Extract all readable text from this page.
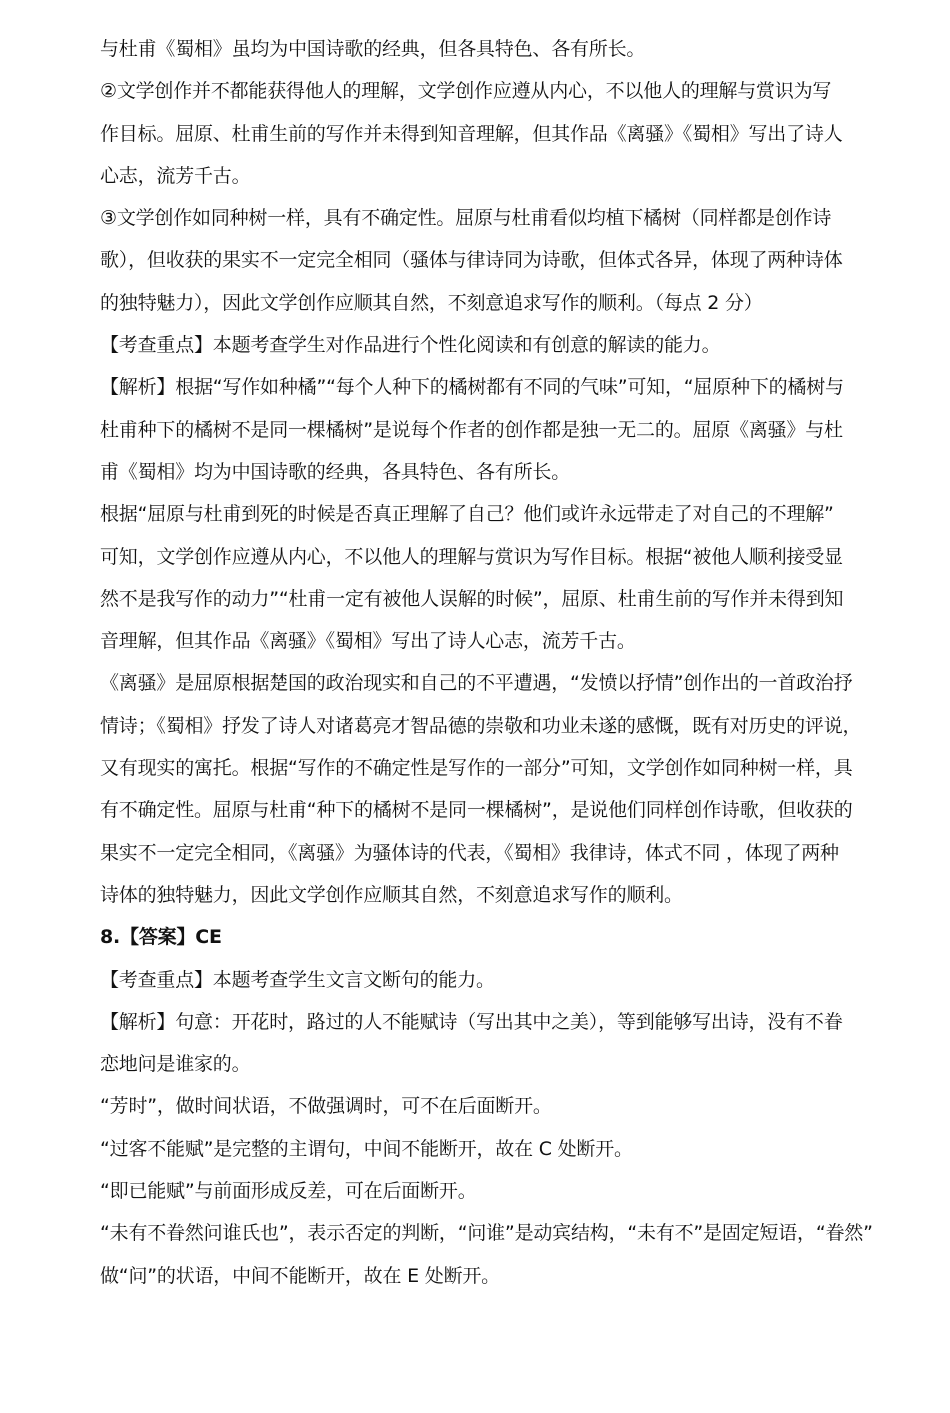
与杜甫《蜀相》虽均为中国诗歌的经典，但各具特色、各有所长。
②文学创作并不都能获得他人的理解，文学创作应遵从内心，不以他人的理解与赏识为写
作目标。屈原、杜甫生前的写作并未得到知音理解，但其作品《离骚》《蜀相》写出了诗人
心志，流芳千古。
③文学创作如同种树一样，具有不确定性。屈原与杜甫看似均植下橘树（同样都是创作诗
歌），但收获的果实不一定完全相同（骚体与律诗同为诗歌，但体式各异，体现了两种诗体
的独特魅力），因此文学创作应顺其自然，不刻意追求写作的顺利。（每点 2 分）
【考查重点】本题考查学生对作品进行个性化阅读和有创意的解读的能力。
【解析】根据“写作如种橘”“每个人种下的橘树都有不同的气味”可知，“屈原种下的橘树与
杜甫种下的橘树不是同一棵橘树”是说每个作者的创作都是独一无二的。屈原《离骚》与杜
甫《蜀相》均为中国诗歌的经典，各具特色、各有所长。
根据“屈原与杜甫到死的时候是否真正理解了自己？他们或许永远带走了对自己的不理解”
可知，文学创作应遵从内心，不以他人的理解与赏识为写作目标。根据“被他人顺利接受显
然不是我写作的动力”“杜甫一定有被他人误解的时候”，屈原、杜甫生前的写作并未得到知
音理解，但其作品《离骚》《蜀相》写出了诗人心志，流芳千古。
《离骚》是屈原根据楚国的政治现实和自己的不平遭遇，“发愤以抒情”创作出的一首政治抒
情诗；《蜀相》抒发了诗人对诸葛亮才智品德的崇敬和功业未遂的感慨，既有对历史的评说，
又有现实的寓托。根据“写作的不确定性是写作的一部分”可知，文学创作如同种树一样，具
有不确定性。屈原与杜甫“种下的橘树不是同一棵橘树”，是说他们同样创作诗歌，但收获的
果实不一定完全相同，《离骚》为骚体诗的代表，《蜀相》我律诗，体式不同 ，体现了两种
诗体的独特魅力，因此文学创作应顺其自然，不刻意追求写作的顺利。
8.【答案】CE
【考查重点】本题考查学生文言文断句的能力。
【解析】句意：开花时，路过的人不能赋诗（写出其中之美），等到能够写出诗，没有不眷
恋地问是谁家的。
“芳时”，做时间状语，不做强调时，可不在后面断开。
“过客不能赋”是完整的主谓句，中间不能断开，故在 C 处断开。
“即已能赋”与前面形成反差，可在后面断开。
“未有不眷然问谁氏也”，表示否定的判断，“问谁”是动宾结构，“未有不”是固定短语，“眷然”
做“问”的状语，中间不能断开，故在 E 处断开。
